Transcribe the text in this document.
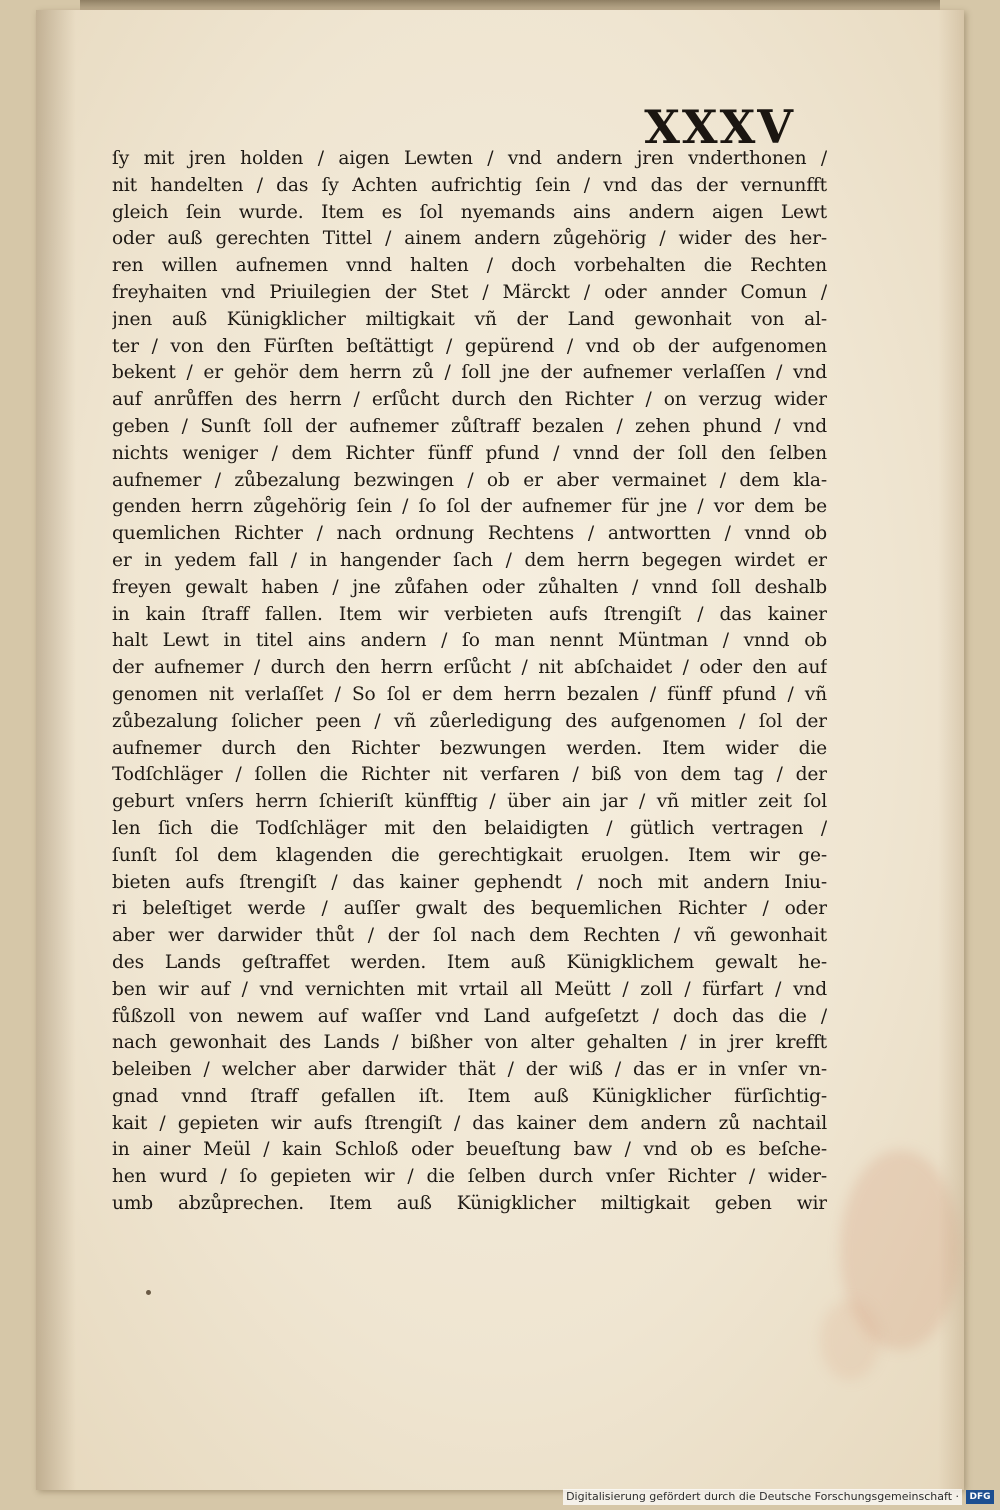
XXXV
ſy mit jren holden / aigen Lewten / vnd andern jren vnderthonen /
nit handelten / das ſy Achten aufrichtig ſein / vnd das der vernunfft
gleich ſein wurde. Item es ſol nyemands ains andern aigen Lewt
oder auß gerechten Tittel / ainem andern zůgehörig / wider des her-
ren willen aufnemen vnnd halten / doch vorbehalten die Rechten
freyhaiten vnd Priuilegien der Stet / Märckt / oder annder Comun /
jnen auß Künigklicher miltigkait vñ der Land gewonhait von al-
ter / von den Fürſten beſtättigt / gepürend / vnd ob der aufgenomen
bekent / er gehör dem herrn zů / ſoll jne der aufnemer verlaſſen / vnd
auf anrůffen des herrn / erſůcht durch den Richter / on verzug wider
geben / Sunſt ſoll der aufnemer zůſtraff bezalen / zehen phund / vnd
nichts weniger / dem Richter fünff pfund / vnnd der ſoll den ſelben
aufnemer / zůbezalung bezwingen / ob er aber vermainet / dem kla-
genden herrn zůgehörig ſein / ſo ſol der aufnemer für jne / vor dem be
quemlichen Richter / nach ordnung Rechtens / antwortten / vnnd ob
er in yedem fall / in hangender ſach / dem herrn begegen wirdet er
freyen gewalt haben / jne zůfahen oder zůhalten / vnnd ſoll deshalb
in kain ſtraff fallen. Item wir verbieten aufs ſtrengiſt / das kainer
halt Lewt in titel ains andern / ſo man nennt Müntman / vnnd ob
der aufnemer / durch den herrn erſůcht / nit abſchaidet / oder den auf
genomen nit verlaſſet / So ſol er dem herrn bezalen / fünff pfund / vñ
zůbezalung ſolicher peen / vñ zůerledigung des aufgenomen / ſol der
aufnemer durch den Richter bezwungen werden. Item wider die
Todſchläger / ſollen die Richter nit verfaren / biß von dem tag / der
geburt vnſers herrn ſchieriſt künfftig / über ain jar / vñ mitler zeit ſol
len ſich die Todſchläger mit den belaidigten / gütlich vertragen /
ſunſt ſol dem klagenden die gerechtigkait eruolgen. Item wir ge-
bieten aufs ſtrengiſt / das kainer gephendt / noch mit andern Iniu-
ri beleſtiget werde / auſſer gwalt des bequemlichen Richter / oder
aber wer darwider thůt / der ſol nach dem Rechten / vñ gewonhait
des Lands geſtraffet werden. Item auß Künigklichem gewalt he-
ben wir auf / vnd vernichten mit vrtail all Meütt / zoll / fürfart / vnd
fůßzoll von newem auf waſſer vnd Land aufgeſetzt / doch das die /
nach gewonhait des Lands / bißher von alter gehalten / in jrer krefft
beleiben / welcher aber darwider thät / der wiß / das er in vnſer vn-
gnad vnnd ſtraff gefallen iſt. Item auß Künigklicher fürſichtig-
kait / gepieten wir aufs ſtrengiſt / das kainer dem andern zů nachtail
in ainer Meül / kain Schloß oder beueſtung baw / vnd ob es beſche-
hen wurd / ſo gepieten wir / die ſelben durch vnſer Richter / wider-
umb abzůprechen. Item auß Künigklicher miltigkait geben wir
Digitalisierung gefördert durch die Deutsche Forschungsgemeinschaft ·	DFG
